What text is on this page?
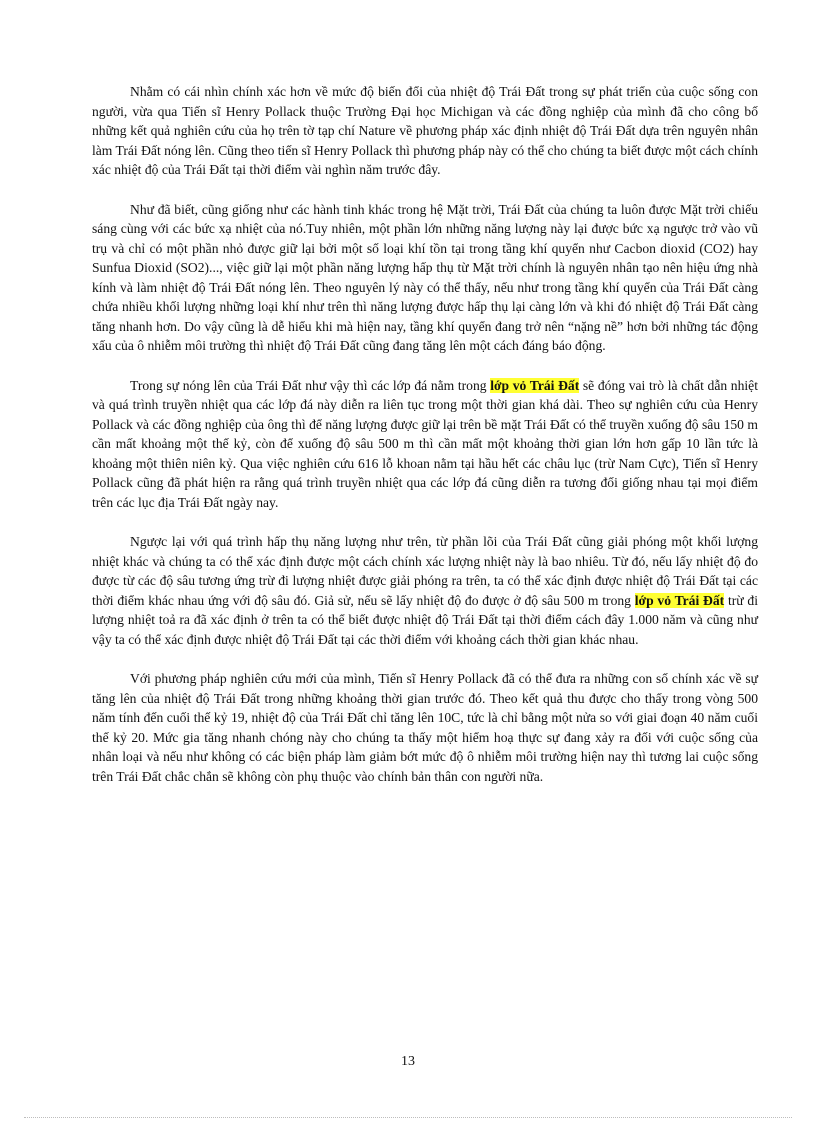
Nhằm có cái nhìn chính xác hơn về mức độ biến đổi của nhiệt độ Trái Đất trong sự phát triển của cuộc sống con người, vừa qua Tiến sĩ Henry Pollack thuộc Trường Đại học Michigan và các đồng nghiệp của mình đã cho công bố những kết quả nghiên cứu của họ trên tờ tạp chí Nature về phương pháp xác định nhiệt độ Trái Đất dựa trên nguyên nhân làm Trái Đất nóng lên. Cũng theo tiến sĩ Henry Pollack thì phương pháp này có thể cho chúng ta biết được một cách chính xác nhiệt độ của Trái Đất tại thời điểm vài nghìn năm trước đây.

Như đã biết, cũng giống như các hành tinh khác trong hệ Mặt trời, Trái Đất của chúng ta luôn được Mặt trời chiếu sáng cùng với các bức xạ nhiệt của nó.Tuy nhiên, một phần lớn những năng lượng này lại được bức xạ ngược trở vào vũ trụ và chỉ có một phần nhỏ được giữ lại bởi một số loại khí tồn tại trong tầng khí quyển như Cacbon dioxid (CO2) hay Sunfua Dioxid (SO2)..., việc giữ lại một phần năng lượng hấp thụ từ Mặt trời chính là nguyên nhân tạo nên hiệu ứng nhà kính và làm nhiệt độ Trái Đất nóng lên. Theo nguyên lý này có thể thấy, nếu như trong tầng khí quyển của Trái Đất càng chứa nhiều khối lượng những loại khí như trên thì năng lượng được hấp thụ lại càng lớn và khi đó nhiệt độ Trái Đất càng tăng nhanh hơn. Do vậy cũng là dễ hiểu khi mà hiện nay, tầng khí quyển đang trở nên “nặng nề” hơn bởi những tác động xấu của ô nhiễm môi trường thì nhiệt độ Trái Đất cũng đang tăng lên một cách đáng báo động.

Trong sự nóng lên của Trái Đất như vậy thì các lớp đá nằm trong lớp vỏ Trái Đất sẽ đóng vai trò là chất dẫn nhiệt và quá trình truyền nhiệt qua các lớp đá này diễn ra liên tục trong một thời gian khá dài. Theo sự nghiên cứu của Henry Pollack và các đồng nghiệp của ông thì để năng lượng được giữ lại trên bề mặt Trái Đất có thể truyền xuống độ sâu 150 m cần mất khoảng một thế kỷ, còn để xuống độ sâu 500 m thì cần mất một khoảng thời gian lớn hơn gấp 10 lần tức là khoảng một thiên niên kỷ. Qua việc nghiên cứu 616 lỗ khoan nằm tại hầu hết các châu lục (trừ Nam Cực), Tiến sĩ Henry Pollack cũng đã phát hiện ra rằng quá trình truyền nhiệt qua các lớp đá cũng diễn ra tương đối giống nhau tại mọi điểm trên các lục địa Trái Đất ngày nay.

Ngược lại với quá trình hấp thụ năng lượng như trên, từ phần lõi của Trái Đất cũng giải phóng một khối lượng nhiệt khác và chúng ta có thể xác định được một cách chính xác lượng nhiệt này là bao nhiêu. Từ đó, nếu lấy nhiệt độ đo được từ các độ sâu tương ứng trừ đi lượng nhiệt được giải phóng ra trên, ta có thể xác định được nhiệt độ Trái Đất tại các thời điểm khác nhau ứng với độ sâu đó. Giả sử, nếu sẽ lấy nhiệt độ đo được ở độ sâu 500 m trong lớp vỏ Trái Đất trừ đi lượng nhiệt toả ra đã xác định ở trên ta có thể biết được nhiệt độ Trái Đất tại thời điểm cách đây 1.000 năm và cũng như vậy ta có thể xác định được nhiệt độ Trái Đất tại các thời điểm với khoảng cách thời gian khác nhau.

Với phương pháp nghiên cứu mới của mình, Tiến sĩ Henry Pollack đã có thể đưa ra những con số chính xác về sự tăng lên của nhiệt độ Trái Đất trong những khoảng thời gian trước đó. Theo kết quả thu được cho thấy trong vòng 500 năm tính đến cuối thế kỷ 19, nhiệt độ của Trái Đất chỉ tăng lên 10C, tức là chỉ bằng một nửa so với giai đoạn 40 năm cuối thế kỷ 20. Mức gia tăng nhanh chóng này cho chúng ta thấy một hiểm hoạ thực sự đang xảy ra đối với cuộc sống của nhân loại và nếu như không có các biện pháp làm giảm bớt mức độ ô nhiễm môi trường hiện nay thì tương lai cuộc sống trên Trái Đất chắc chắn sẽ không còn phụ thuộc vào chính bản thân con người nữa.

13
